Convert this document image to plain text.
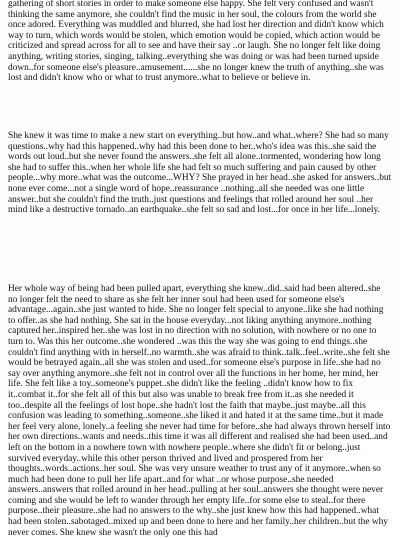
gathering of short stories in order to make someone else happy. She felt very confused and wasn't thinking the same anymore, she couldn't find the music in her soul, the colours from the world she once adored. Everything was muddled and blurred, she had lost her direction and didn't know which way to turn, which words would be stolen, which emotion would be copied, which action would be criticized and spread across for all to see and have their say ..or laugh. She no longer felt like doing anything, writing stories, singing, talking..everything she was doing or was had been turned upside down..for someone else's pleasure..amusement......she no longer knew the truth of anything..she was lost and didn't know who or what to trust anymore..what to believe or believe in.

She knew it was time to make a new start on everything..but how..and what..where? She had so many questions..why had this happened..why had this been done to her..who's idea was this..she said the words out loud..but she never found the answers..she felt all alone..tormented, wondering how long she had to suffer this..when her whole life she had felt so much suffering and pain caused by other people...why more..what was the outcome...WHY? She prayed in her head..she asked for answers..but none ever come...not a single word of hope..reassurance ..nothing..all she needed was one little answer..but she couldn't find the truth..just questions and feelings that rolled around her soul ..her mind like a destructive tornado..an earthquake..she felt so sad and lost...for once in her life...lonely.

Her whole way of being had been pulled apart, everything she knew..did..said had been altered..she no longer felt the need to share as she felt her inner soul had been used for someone else's advantage...again..she just wanted to hide. She no longer felt special to anyone..like she had nothing to offer..as she had nothing. She sat in the house everyday...not liking anything anymore..nothing captured her..inspired her..she was lost in no direction with no solution, with nowhere or no one to turn to. Was this her outcome..she wondered ..was this the way she was going to end things..she couldn't find anything with in herself..no warmth..she was afraid to think..talk..feel..write..she felt she would be betrayed again..all she was stolen and used..for someone else's purpose in life..she had no say over anything anymore..she felt not in control over all the functions in her home, her mind, her life. She felt like a toy..someone's puppet..she didn't like the feeling ..didn't know how to fix it..combat it..for she felt all of this but also was unable to break free from it..as she needed it too..despite all the feelings of lost hope..she hadn't lost the faith that maybe..just maybe..all this confusion was leading to something..someone..she liked it and hated it at the same time..but it made her feel very alone, lonely..a feeling she never had time for before..she had always thrown herself into her own directions..wants and needs..this time it was all different and realised she had been used..and left on the bottom in a nowhere town with nowhere people..where she didn't fit or belong..just survived everyday..while this other person thrived and lived and prospered from her thoughts..words..actions..her soul. She was very unsure weather to trust any of it anymore..when so much had been done to pull her life apart..and for what ..or whose purpose..she needed answers..answers that rolled around in her head..pulling at her soul..answers she thought were never coming and she would be left to wander through her empty life..for some else to steal..for there purpose..their pleasure..she had no answers to the why..she just knew how this had happened..what had been stolen..sabotaged..mixed up and been done to here and her family..her children..but the why never comes. She knew she wasn't the only one this had
